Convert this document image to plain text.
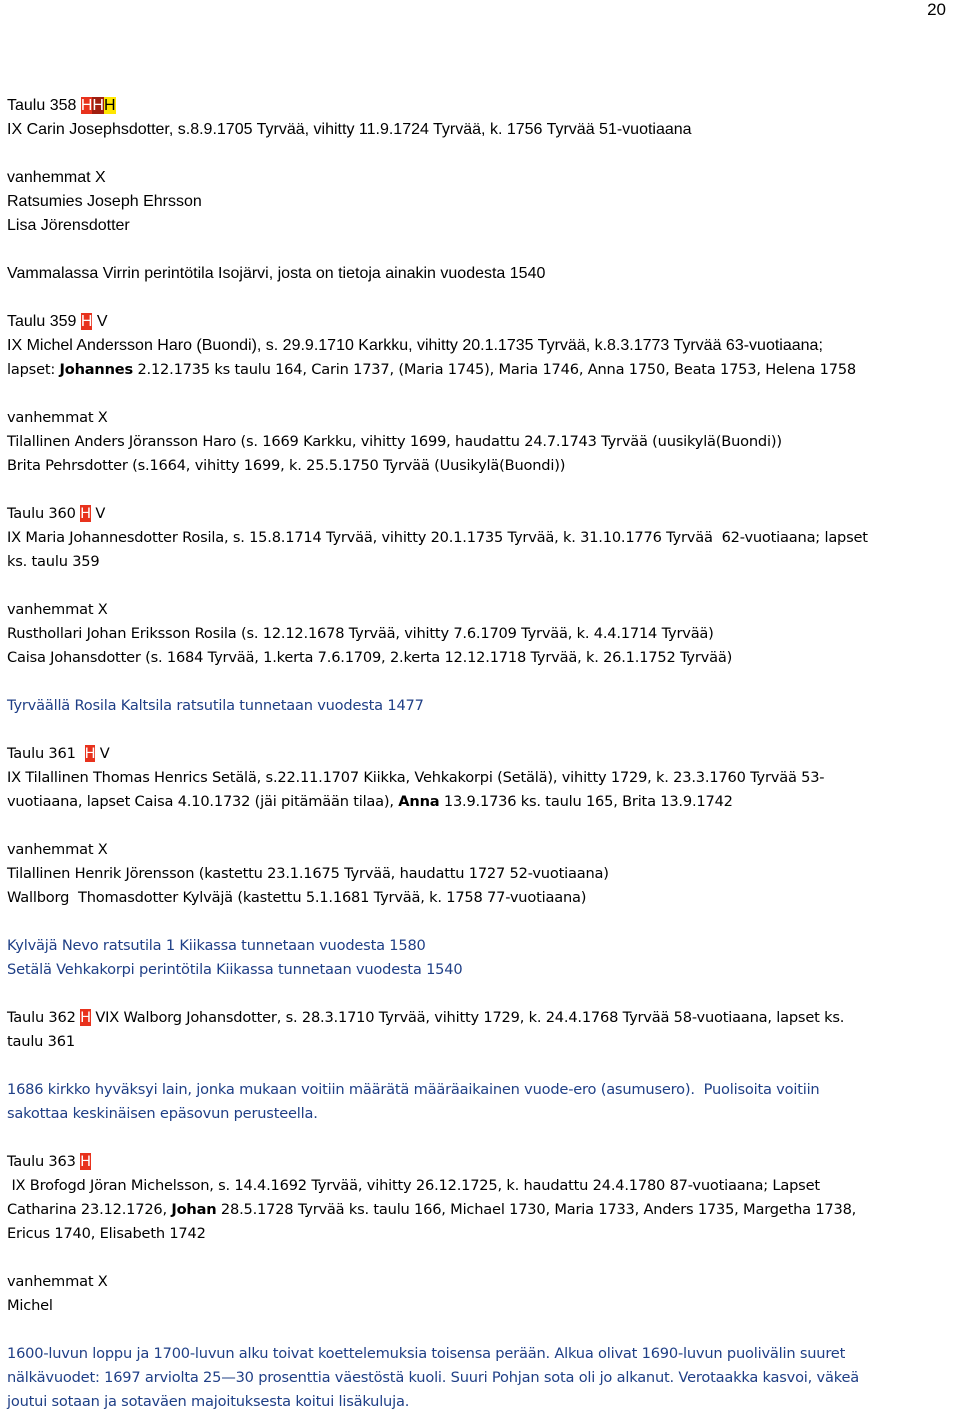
20

Taulu 358 HHH

IX Carin Josephsdotter, s.8.9.1705 Tyrvää, vihitty 11.9.1724 Tyrvää, k. 1756 Tyrvää 51-vuotiaana

vanhemmat X

Ratsumies Joseph Ehrsson

Lisa Jörensdotter

Vammalassa Virrin perintötila Isojärvi, josta on tietoja ainakin vuodesta 1540

Taulu 359 H V

IX Michel Andersson Haro (Buondi), s. 29.9.1710 Karkku, vihitty 20.1.1735 Tyrvää, k.8.3.1773 Tyrvää 63-vuotiaana;

lapset: Johannes 2.12.1735 ks taulu 164, Carin 1737, (Maria 1745), Maria 1746, Anna 1750, Beata 1753, Helena 1758

vanhemmat X

Tilallinen Anders Jöransson Haro (s. 1669 Karkku, vihitty 1699, haudattu 24.7.1743 Tyrvää (uusikylä(Buondi))

Brita Pehrsdotter (s.1664, vihitty 1699, k. 25.5.1750 Tyrvää (Uusikylä(Buondi))

Taulu 360 H V

IX Maria Johannesdotter Rosila, s. 15.8.1714 Tyrvää, vihitty 20.1.1735 Tyrvää, k. 31.10.1776 Tyrvää  62-vuotiaana; lapset

ks. taulu 359

vanhemmat X

Rusthollari Johan Eriksson Rosila (s. 12.12.1678 Tyrvää, vihitty 7.6.1709 Tyrvää, k. 4.4.1714 Tyrvää)

Caisa Johansdotter (s. 1684 Tyrvää, 1.kerta 7.6.1709, 2.kerta 12.12.1718 Tyrvää, k. 26.1.1752 Tyrvää)

Tyrväällä Rosila Kaltsila ratsutila tunnetaan vuodesta 1477

Taulu 361  H V

IX Tilallinen Thomas Henrics Setälä, s.22.11.1707 Kiikka, Vehkakorpi (Setälä), vihitty 1729, k. 23.3.1760 Tyrvää 53-

vuotiaana, lapset Caisa 4.10.1732 (jäi pitämään tilaa), Anna 13.9.1736 ks. taulu 165, Brita 13.9.1742

vanhemmat X

Tilallinen Henrik Jörensson (kastettu 23.1.1675 Tyrvää, haudattu 1727 52-vuotiaana)

Wallborg  Thomasdotter Kylväjä (kastettu 5.1.1681 Tyrvää, k. 1758 77-vuotiaana)

Kylväjä Nevo ratsutila 1 Kiikassa tunnetaan vuodesta 1580

Setälä Vehkakorpi perintötila Kiikassa tunnetaan vuodesta 1540

Taulu 362 H VIX Walborg Johansdotter, s. 28.3.1710 Tyrvää, vihitty 1729, k. 24.4.1768 Tyrvää 58-vuotiaana, lapset ks.

taulu 361

1686 kirkko hyväksyi lain, jonka mukaan voitiin määrätä määräaikainen vuode-ero (asumusero).  Puolisoita voitiin

sakottaa keskinäisen epäsovun perusteella.

Taulu 363 H

IX Brofogd Jöran Michelsson, s. 14.4.1692 Tyrvää, vihitty 26.12.1725, k. haudattu 24.4.1780 87-vuotiaana; Lapset

Catharina 23.12.1726, Johan 28.5.1728 Tyrvää ks. taulu 166, Michael 1730, Maria 1733, Anders 1735, Margetha 1738,

Ericus 1740, Elisabeth 1742

vanhemmat X

Michel

1600-luvun loppu ja 1700-luvun alku toivat koettelemuksia toisensa perään. Alkua olivat 1690-luvun puolivälin suuret

nälkävuodet: 1697 arviolta 25—30 prosenttia väestöstä kuoli. Suuri Pohjan sota oli jo alkanut. Verotaakka kasvoi, väkeä

joutui sotaan ja sotaväen majoituksesta koitui lisäkuluja.
